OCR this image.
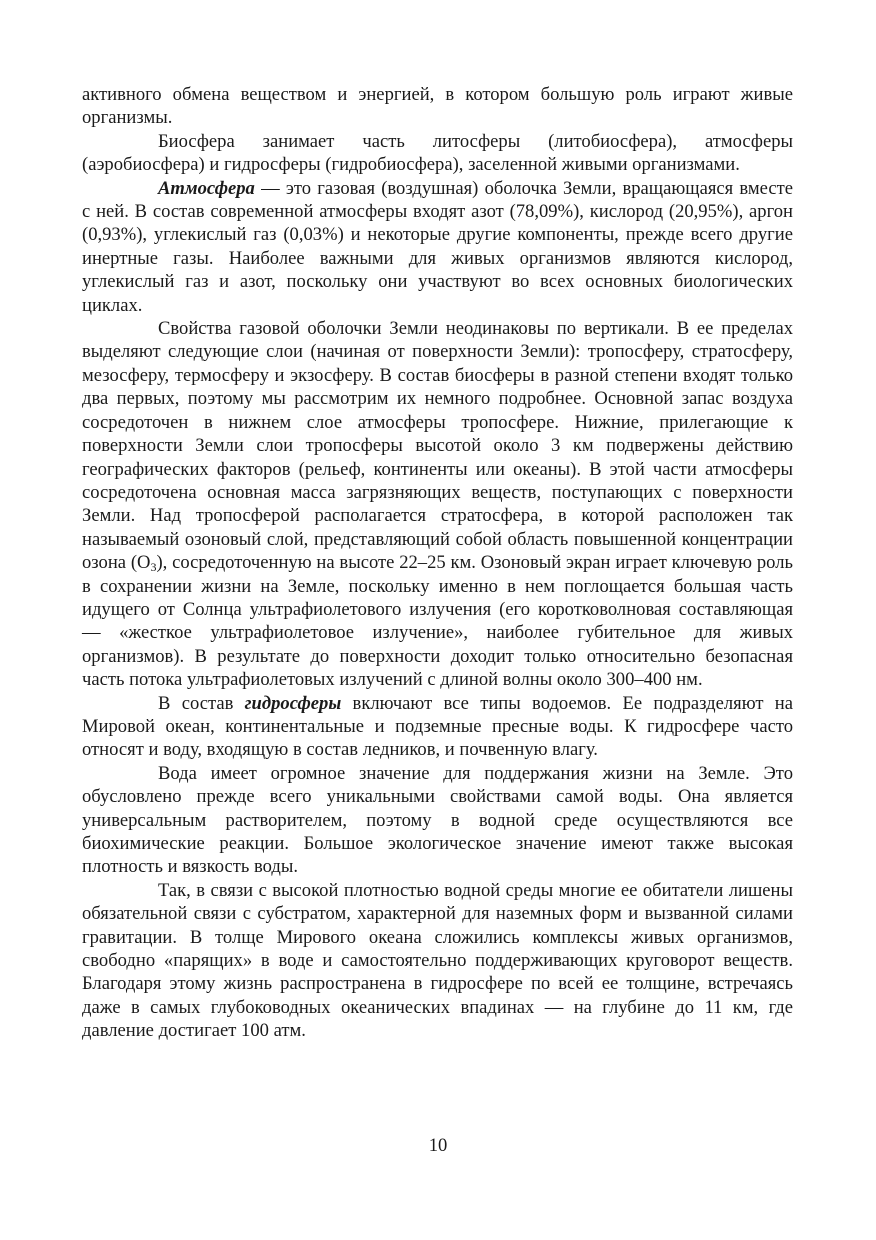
активного обмена веществом и энергией, в котором большую роль играют живые организмы.

Биосфера занимает часть литосферы (литобиосфера), атмосферы (аэробиосфера) и гидросферы (гидробиосфера), заселенной живыми организмами.

Атмосфера — это газовая (воздушная) оболочка Земли, вращающаяся вместе с ней. В состав современной атмосферы входят азот (78,09%), кислород (20,95%), аргон (0,93%), углекислый газ (0,03%) и некоторые другие компоненты, прежде всего другие инертные газы. Наиболее важными для живых организмов являются кислород, углекислый газ и азот, поскольку они участвуют во всех основных биологических циклах.

Свойства газовой оболочки Земли неодинаковы по вертикали. В ее пределах выделяют следующие слои (начиная от поверхности Земли): тропосферу, стратосферу, мезосферу, термосферу и экзосферу. В состав биосферы в разной степени входят только два первых, поэтому мы рассмотрим их немного подробнее. Основной запас воздуха сосредоточен в нижнем слое атмосферы тропосфере. Нижние, прилегающие к поверхности Земли слои тропосферы высотой около 3 км подвержены действию географических факторов (рельеф, континенты или океаны). В этой части атмосферы сосредоточена основная масса загрязняющих веществ, поступающих с поверхности Земли. Над тропосферой располагается стратосфера, в которой расположен так называемый озоновый слой, представляющий собой область повышенной концентрации озона $(O_3)$, сосредоточенную на высоте 22–25 км. Озоновый экран играет ключевую роль в сохранении жизни на Земле, поскольку именно в нем поглощается большая часть идущего от Солнца ультрафиолетового излучения (его коротковолновая составляющая — «жесткое ультрафиолетовое излучение», наиболее губительное для живых организмов). В результате до поверхности доходит только относительно безопасная часть потока ультрафиолетовых излучений с длиной волны около 300–400 нм.

В состав гидросферы включают все типы водоемов. Ее подразделяют на Мировой океан, континентальные и подземные пресные воды. К гидросфере часто относят и воду, входящую в состав ледников, и почвенную влагу.

Вода имеет огромное значение для поддержания жизни на Земле. Это обусловлено прежде всего уникальными свойствами самой воды. Она является универсальным растворителем, поэтому в водной среде осуществляются все биохимические реакции. Большое экологическое значение имеют также высокая плотность и вязкость воды.

Так, в связи с высокой плотностью водной среды многие ее обитатели лишены обязательной связи с субстратом, характерной для наземных форм и вызванной силами гравитации. В толще Мирового океана сложились комплексы живых организмов, свободно «парящих» в воде и самостоятельно поддерживающих круговорот веществ. Благодаря этому жизнь распространена в гидросфере по всей ее толщине, встречаясь даже в самых глубоководных океанических впадинах — на глубине до 11 км, где давление достигает 100 атм.

10
